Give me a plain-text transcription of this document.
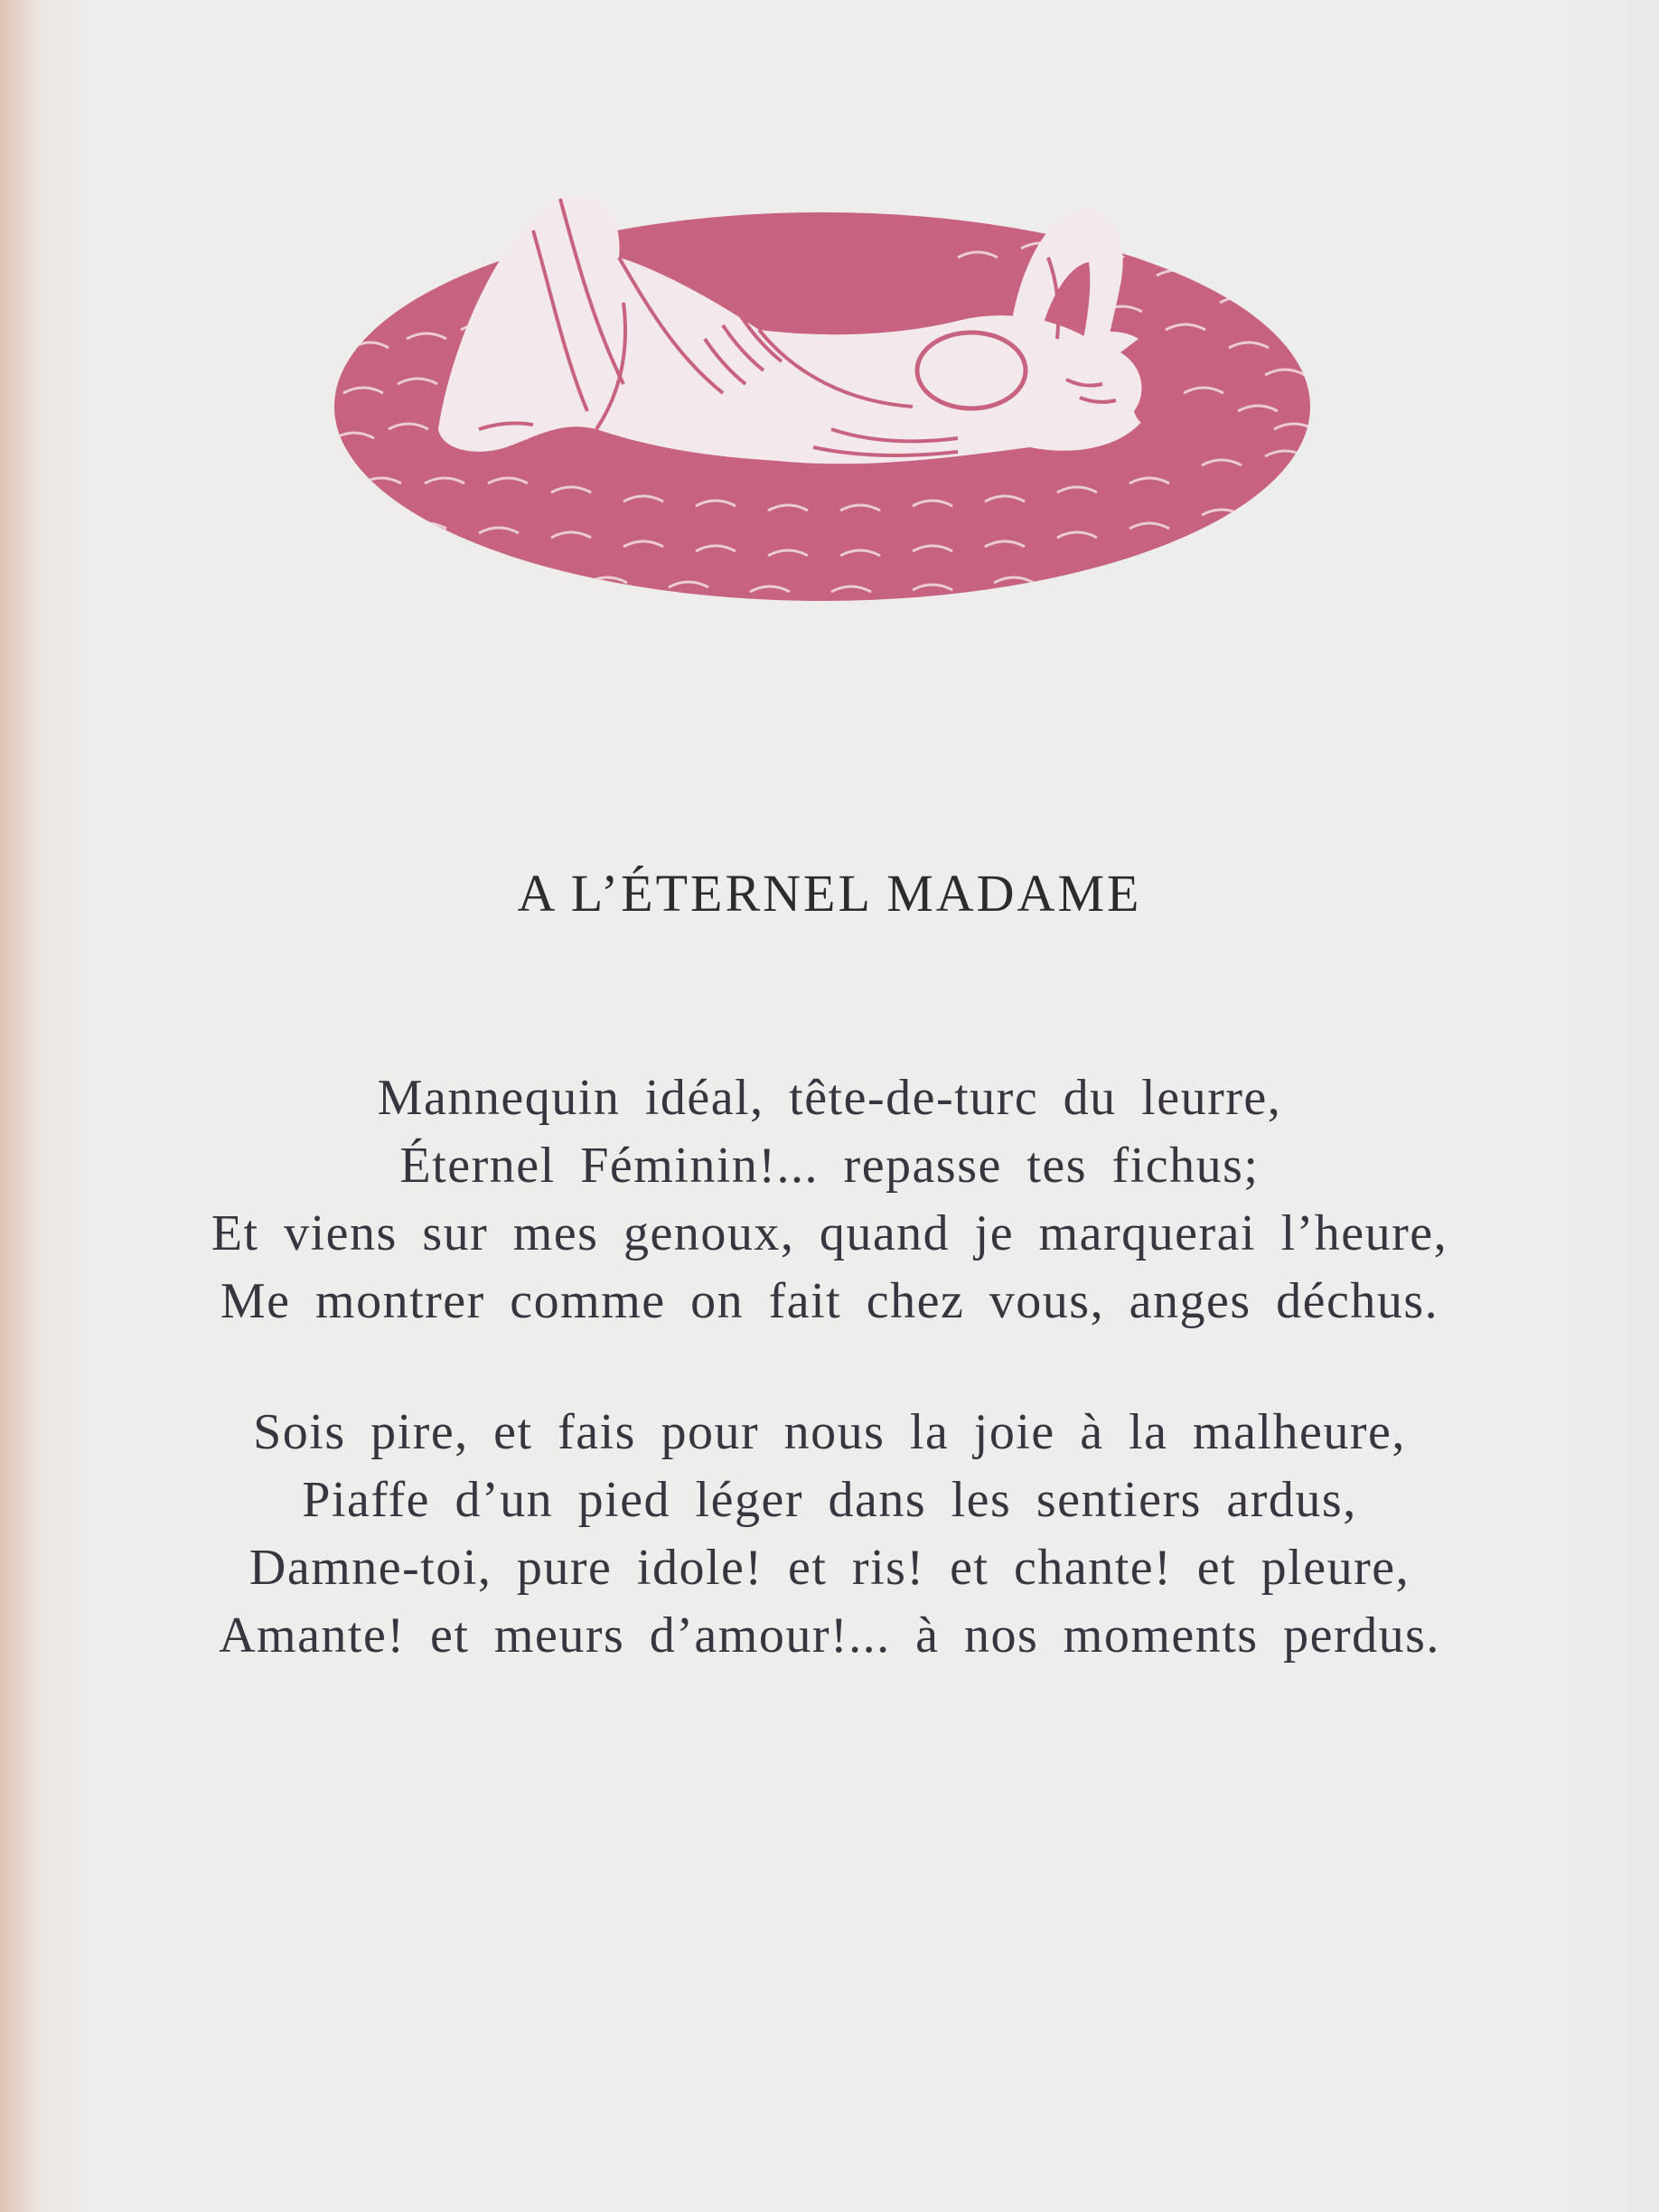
A L’ÉTERNEL MADAME
Mannequin idéal, tête-de-turc du leurre,
Éternel Féminin!... repasse tes fichus;
Et viens sur mes genoux, quand je marquerai l’heure,
Me montrer comme on fait chez vous, anges déchus.
Sois pire, et fais pour nous la joie à la malheure,
Piaffe d’un pied léger dans les sentiers ardus,
Damne-toi, pure idole! et ris! et chante! et pleure,
Amante! et meurs d’amour!... à nos moments perdus.
